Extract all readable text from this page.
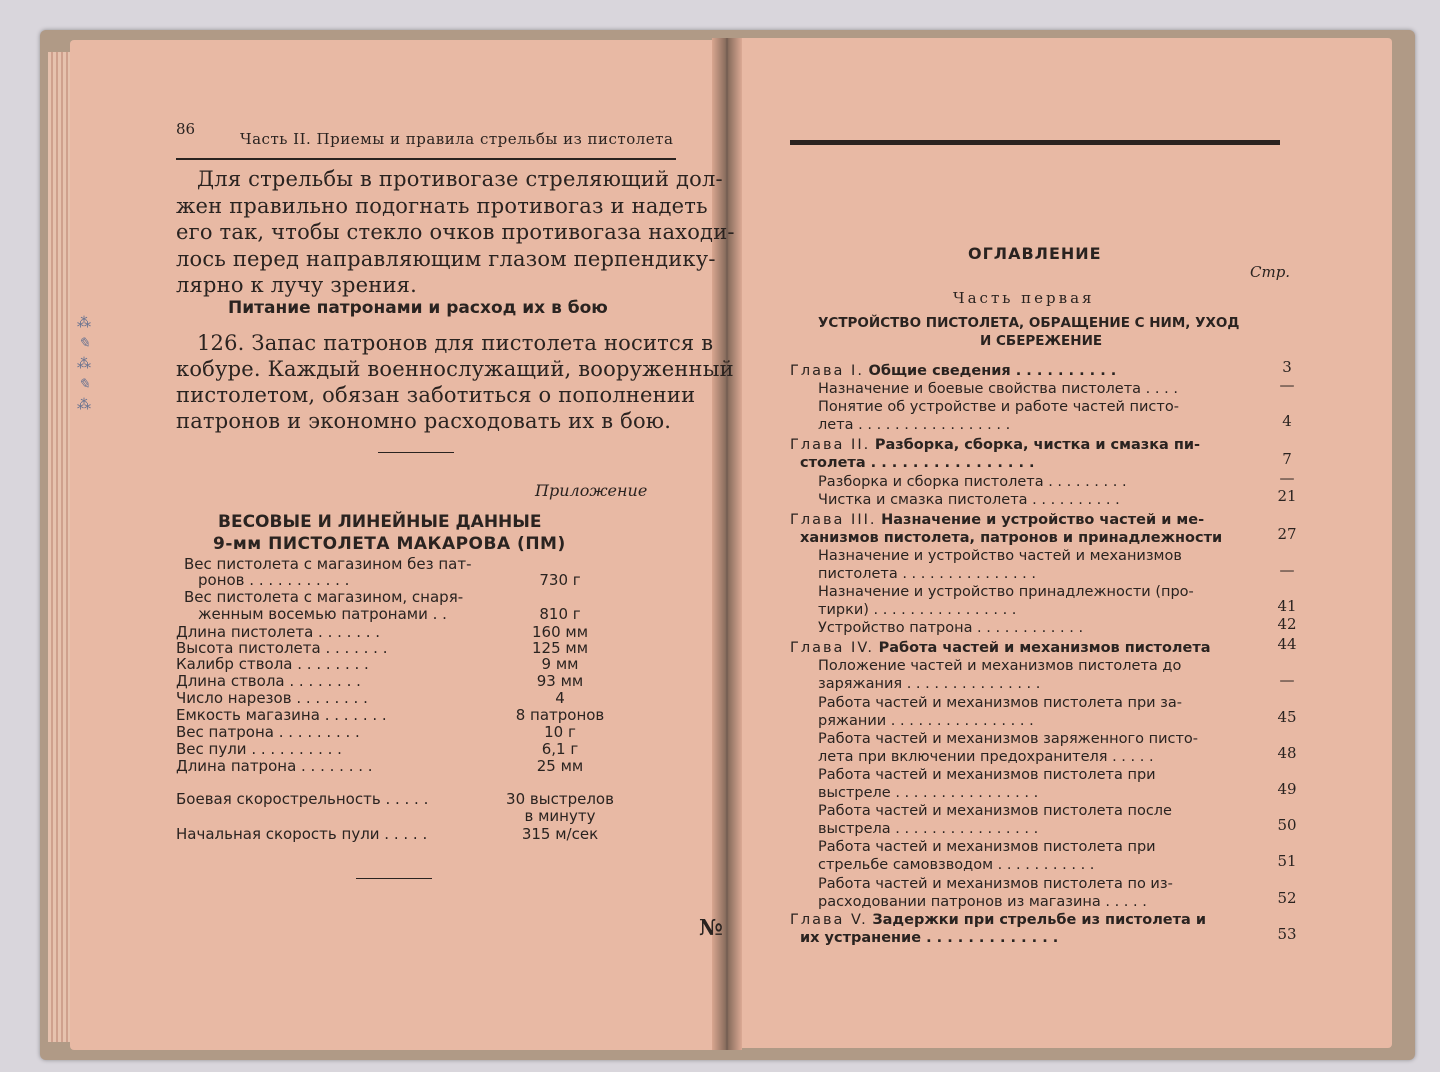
86
Часть II. Приемы и правила стрельбы из пистолета
Для стрельбы в противогазе стреляющий дол-
жен правильно подогнать противогаз и надеть
его так, чтобы стекло очков противогаза находи-
лось перед направляющим глазом перпендику-
лярно к лучу зрения.
Питание патронами и расход их в бою
126. Запас патронов для пистолета носится в
кобуре. Каждый военнослужащий, вооруженный
пистолетом, обязан заботиться о пополнении
патронов и экономно расходовать их в бою.
Приложение
ВЕСОВЫЕ И ЛИНЕЙНЫЕ ДАННЫЕ
9-мм ПИСТОЛЕТА МАКАРОВА (ПМ)
Вес пистолета с магазином без пат-
ронов . . . . . . . . . . .	730 г
Вес пистолета с магазином, снаря-
женным восемью патронами . .	810 г
Длина пистолета . . . . . . .	160 мм
Высота пистолета . . . . . . .	125 мм
Калибр ствола . . . . . . . .	9 мм
Длина ствола . . . . . . . .	93 мм
Число нарезов . . . . . . . .	4
Емкость магазина . . . . . . .	8 патронов
Вес патрона . . . . . . . . .	10 г
Вес пули . . . . . . . . . .	6,1 г
Длина патрона . . . . . . . .	25 мм
Боевая скорострельность . . . . .	30 выстрелов
в минуту
Начальная скорость пули . . . . .	315 м/сек
⁂ ✎ ⁂ ✎ ⁂
№
ОГЛАВЛЕНИЕ
Стр.
Часть первая
УСТРОЙСТВО ПИСТОЛЕТА, ОБРАЩЕНИЕ С НИМ, УХОД
И СБЕРЕЖЕНИЕ
Глава I. Общие сведения . . . . . . . . . .	3
Назначение и боевые свойства пистолета . . . .	—
Понятие об устройстве и работе частей писто-
лета . . . . . . . . . . . . . . . . .	4
Глава II. Разборка, сборка, чистка и смазка пи-
столета . . . . . . . . . . . . . . . .	7
Разборка и сборка пистолета . . . . . . . . .	—
Чистка и смазка пистолета . . . . . . . . . .	21
Глава III. Назначение и устройство частей и ме-
ханизмов пистолета, патронов и принадлежности	27
Назначение и устройство частей и механизмов
пистолета . . . . . . . . . . . . . . .	—
Назначение и устройство принадлежности (про-
тирки) . . . . . . . . . . . . . . . .	41
Устройство патрона . . . . . . . . . . . .	42
Глава IV. Работа частей и механизмов пистолета	44
Положение частей и механизмов пистолета до
заряжания . . . . . . . . . . . . . . .	—
Работа частей и механизмов пистолета при за-
ряжании . . . . . . . . . . . . . . . .	45
Работа частей и механизмов заряженного писто-
лета при включении предохранителя . . . . .	48
Работа частей и механизмов пистолета при
выстреле . . . . . . . . . . . . . . . .	49
Работа частей и механизмов пистолета после
выстрела . . . . . . . . . . . . . . . .	50
Работа частей и механизмов пистолета при
стрельбе самовзводом . . . . . . . . . . .	51
Работа частей и механизмов пистолета по из-
расходовании патронов из магазина . . . . .	52
Глава V. Задержки при стрельбе из пистолета и
их устранение . . . . . . . . . . . . .	53
